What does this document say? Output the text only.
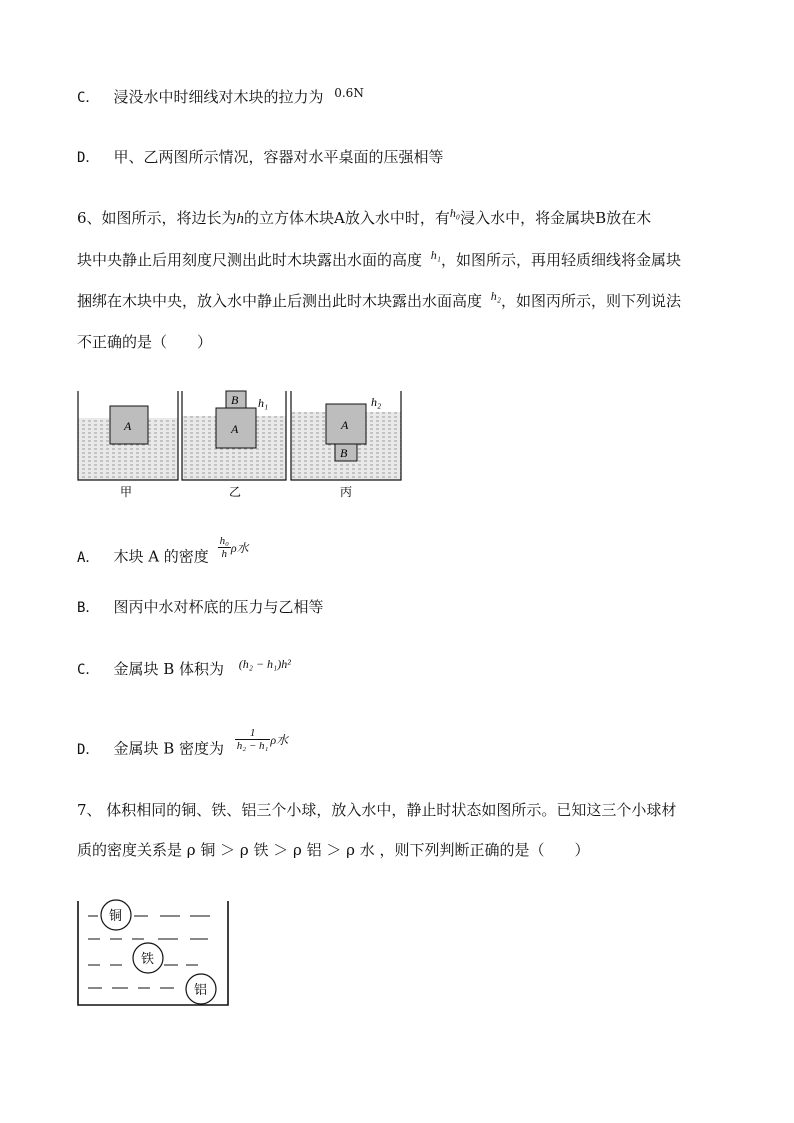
C． 浸没水中时细线对木块的拉力为 $^{0.6N}$
D． 甲、乙两图所示情况，容器对水平桌面的压强相等
6、如图所示，将边长为h的立方体木块A放入水中时，有$^{h_0}$浸入水中，将金属块B放在木
块中央静止后用刻度尺测出此时木块露出水面的高度 $^{h_1}$，如图所示，再用轻质细线将金属块
捆绑在木块中央，放入水中静止后测出此时木块露出水面高度 $^{h_2}$，如图丙所示，则下列说法
不正确的是（　　）
A	A
B h₁
A
B
h₂
甲	乙	丙
A． 木块 A 的密度 $\frac{\text{h₀}}{h}$ ρ水
B． 图丙中水对杯底的压力与乙相等
C． 金属块 B 体积为 $^{(h_2 - h_1)h^2}$
D． 金属块 B 密度为 $\frac{1}{\text{h₂ − h₁}}$ ρ水
7、 体积相同的铜、铁、铝三个小球，放入水中，静止时状态如图所示。已知这三个小球材
质的密度关系是 ρ 铜 ＞ ρ 铁 ＞ ρ 铝 ＞ ρ 水 ，则下列判断正确的是（　　）
铜
铁
铝
